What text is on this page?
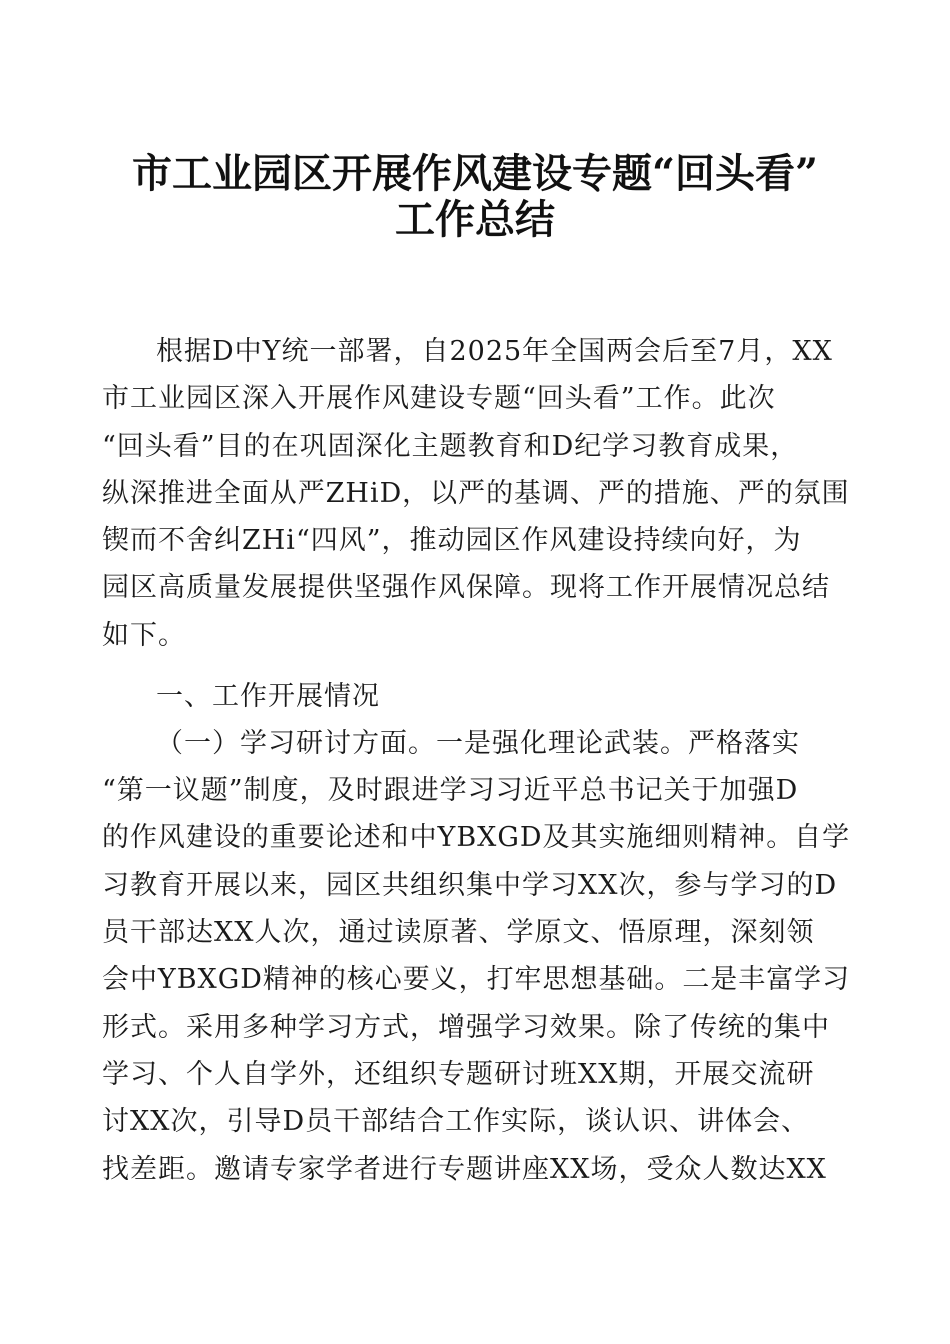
市工业园区开展作风建设专题“回头看”
工作总结
根据D中Y统一部署，自2025年全国两会后至7月，XX
市工业园区深入开展作风建设专题“回头看”工作。此次
“回头看”目的在巩固深化主题教育和D纪学习教育成果，
纵深推进全面从严ZHiD，以严的基调、严的措施、严的氛围
锲而不舍纠ZHi“四风”，推动园区作风建设持续向好，为
园区高质量发展提供坚强作风保障。现将工作开展情况总结
如下。
一、工作开展情况
（一）学习研讨方面。一是强化理论武装。严格落实
“第一议题”制度，及时跟进学习习近平总书记关于加强D
的作风建设的重要论述和中YBXGD及其实施细则精神。自学
习教育开展以来，园区共组织集中学习XX次，参与学习的D
员干部达XX人次，通过读原著、学原文、悟原理，深刻领
会中YBXGD精神的核心要义，打牢思想基础。二是丰富学习
形式。采用多种学习方式，增强学习效果。除了传统的集中
学习、个人自学外，还组织专题研讨班XX期，开展交流研
讨XX次，引导D员干部结合工作实际，谈认识、讲体会、
找差距。邀请专家学者进行专题讲座XX场，受众人数达XX
